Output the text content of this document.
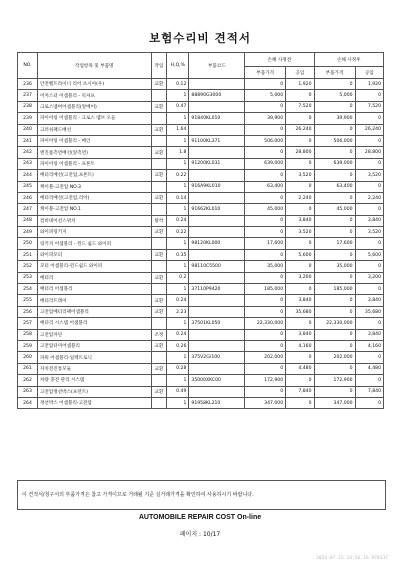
보험수리비 견적서
NO.	작업항목 및 부품명	작업	H,Q,%	부품코드	손해 사정전		손해 사정후	
					부품가격	공임	부품가격	공임
236	안전벨트라이너 리어 츠시아(우)	교환	0.12		0	1,920	0	1,920
237	어저스터 어셈블리 - 픽셔프		1	88890G3000	5,000	0	5,000	0
238	크로스멤버어셈블리(앞베어)	교환	0.47		0	7,520	0	7,520
239	파이어링 어셈블리 - 크로스 멤브 오들		1	91840KL010	39,900	0	39,900	0
240	크러쉬패드배선	교환	1.64		0	26,240	0	26,240
241	파이어링 어셈블리 - 메인		1	91100KL371	506,000	0	506,000	0
242	엔진룸측면배선(앞측면)	교환	1.8		0	28,800	0	28,800
243	파이어링 어셈블리 - 프론트		1	91200KL031	639,000	0	639,000	0
244	배터리배선(고전압,프론트)	교환	0.22		0	3,520	0	3,520
245	케이블-고전압 NO.3		1	916A9KL010	63,400	0	63,400	0
246	배터리배선(고전압,리어)	교환	0.14		0	2,240	0	2,240
247	케이블-고전압 NO.1		1	91662KL010	45,000	0	45,000	0
248	컴비네이션스위치	탈착	0.24		0	3,840	0	3,840
249	와이퍼링키지	교환	0.22		0	3,520	0	3,520
250	링키지 어셈블리 - 윈드 쉴드 와이퍼		1	98120KL000	17,600	0	17,600	0
251	와이퍼모터	교환	0.35		0	5,600	0	5,600
252	모터 어셈블리-윈드쉴드 와이퍼		1	98110C5500	35,000	0	35,000	0
253	배터리	교환	0.2		0	3,200	0	3,200
254	배터리 어셈블리		1	37110P9420	185,000	0	185,000	0
255	배터리트레이	교환	0.24		0	3,840	0	3,840
256	고전압배터리팩어셈블리	교환	2.23		0	35,680	0	35,680
257	배터리 시스템 어셈블리		1	37501KL050	22,330,000	0	22,330,000	0
258	고전압자단	조정	0.24		0	3,840	0	3,840
259	고전압터미어셈블리	교환	0.26		0	4,160	0	4,160
260	파워 어셈블리-일렉트로닉		1	375V2G/100	202,000	0	202,000	0
261	자치전진통모듈	교환	0.28		0	4,480	0	4,480
262	차량 충전 관리 시스템		1	35000XKC00	172,900	0	172,900	0
263	고전압정션박스(프런트)	교환	0.49		0	7,840	0	7,840
264	정션박스 어셈블리-고전압		1	91958KL210	347,000	0	347,000	0
이 견적서/청구서의 부품가격은 참고 가격이므로 거래될 기준 실거래가격을 확인하여 사용하시기 바랍니다.
AUTOMOBILE REPAIR COST On-line
페이지 : 10/17
2024-07-15 14:56:16 970337
